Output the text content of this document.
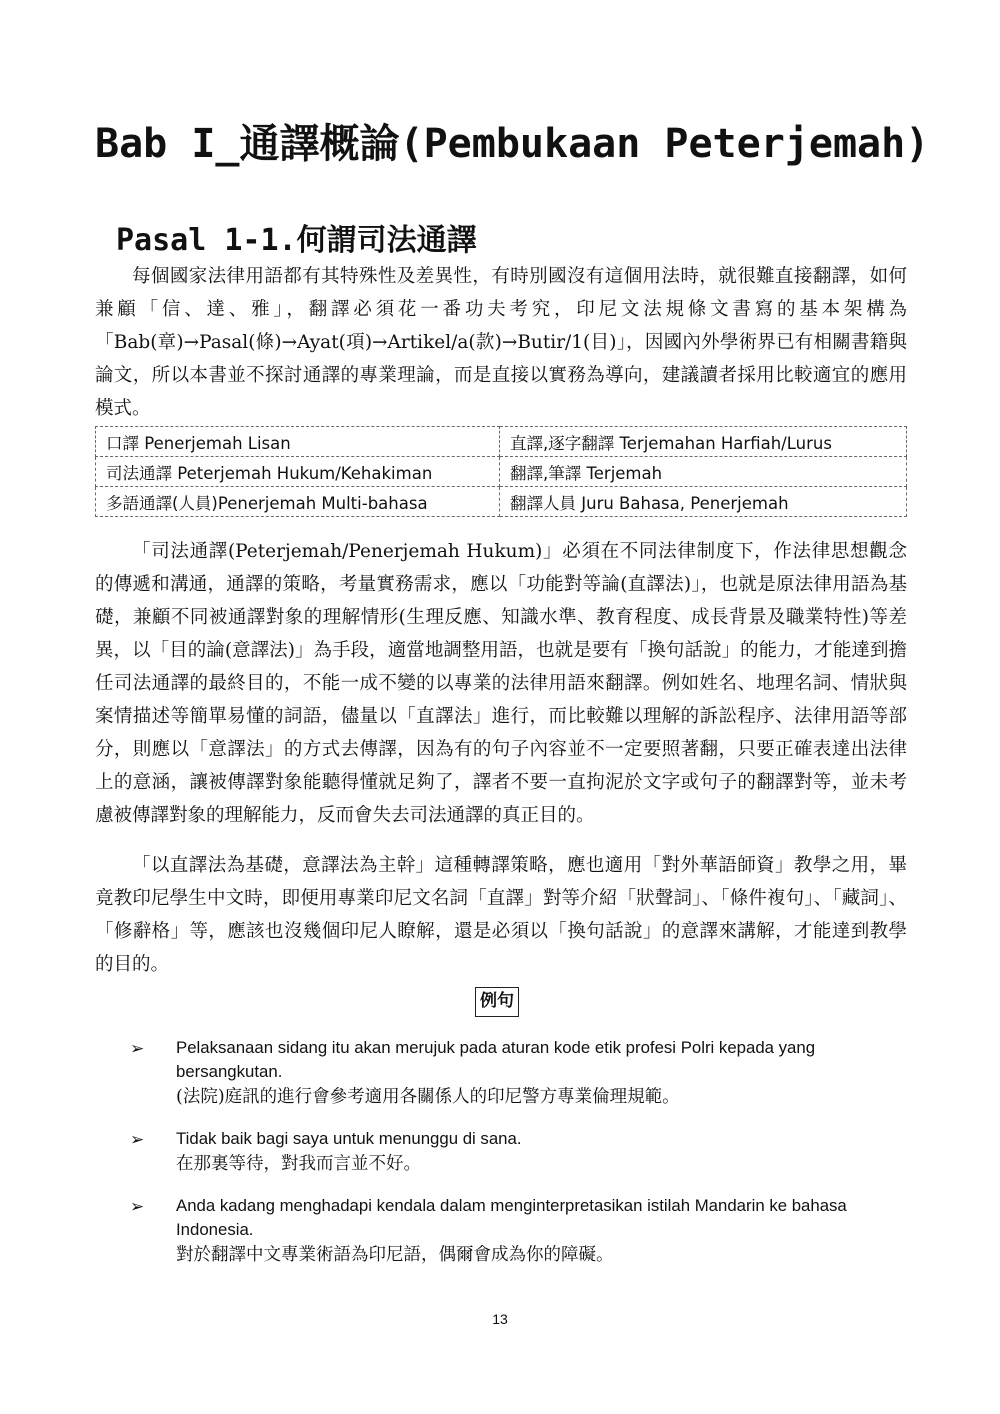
Bab I_通譯概論(Pembukaan Peterjemah)
Pasal 1-1.何謂司法通譯

每個國家法律用語都有其特殊性及差異性，有時別國沒有這個用法時，就很難直接翻譯，如何兼顧「信、達、雅」，翻譯必須花一番功夫考究，印尼文法規條文書寫的基本架構為「Bab(章)→Pasal(條)→Ayat(項)→Artikel/a(款)→Butir/1(目)」，因國內外學術界已有相關書籍與論文，所以本書並不探討通譯的專業理論，而是直接以實務為導向，建議讀者採用比較適宜的應用模式。

口譯 Penerjemah Lisan	直譯,逐字翻譯 Terjemahan Harfiah/Lurus
司法通譯 Peterjemah Hukum/Kehakiman	翻譯,筆譯 Terjemah
多語通譯(人員)Penerjemah Multi-bahasa	翻譯人員 Juru Bahasa, Penerjemah

「司法通譯(Peterjemah/Penerjemah Hukum)」必須在不同法律制度下，作法律思想觀念的傳遞和溝通，通譯的策略，考量實務需求，應以「功能對等論(直譯法)」，也就是原法律用語為基礎，兼顧不同被通譯對象的理解情形(生理反應、知識水準、教育程度、成長背景及職業特性)等差異，以「目的論(意譯法)」為手段，適當地調整用語，也就是要有「換句話說」的能力，才能達到擔任司法通譯的最終目的，不能一成不變的以專業的法律用語來翻譯。例如姓名、地理名詞、情狀與案情描述等簡單易懂的詞語，儘量以「直譯法」進行，而比較難以理解的訴訟程序、法律用語等部分，則應以「意譯法」的方式去傳譯，因為有的句子內容並不一定要照著翻，只要正確表達出法律上的意涵，讓被傳譯對象能聽得懂就足夠了，譯者不要一直拘泥於文字或句子的翻譯對等，並未考慮被傳譯對象的理解能力，反而會失去司法通譯的真正目的。

「以直譯法為基礎，意譯法為主幹」這種轉譯策略，應也適用「對外華語師資」教學之用，畢竟教印尼學生中文時，即便用專業印尼文名詞「直譯」對等介紹「狀聲詞」、「條件複句」、「藏詞」、「修辭格」等，應該也沒幾個印尼人瞭解，還是必須以「換句話說」的意譯來講解，才能達到教學的目的。

例句
➢	Pelaksanaan sidang itu akan merujuk pada aturan kode etik profesi Polri kepada yang bersangkutan.
(法院)庭訊的進行會參考適用各關係人的印尼警方專業倫理規範。
➢	Tidak baik bagi saya untuk menunggu di sana.
在那裏等待，對我而言並不好。
➢	Anda kadang menghadapi kendala dalam menginterpretasikan istilah Mandarin ke bahasa Indonesia.
對於翻譯中文專業術語為印尼語，偶爾會成為你的障礙。
13
